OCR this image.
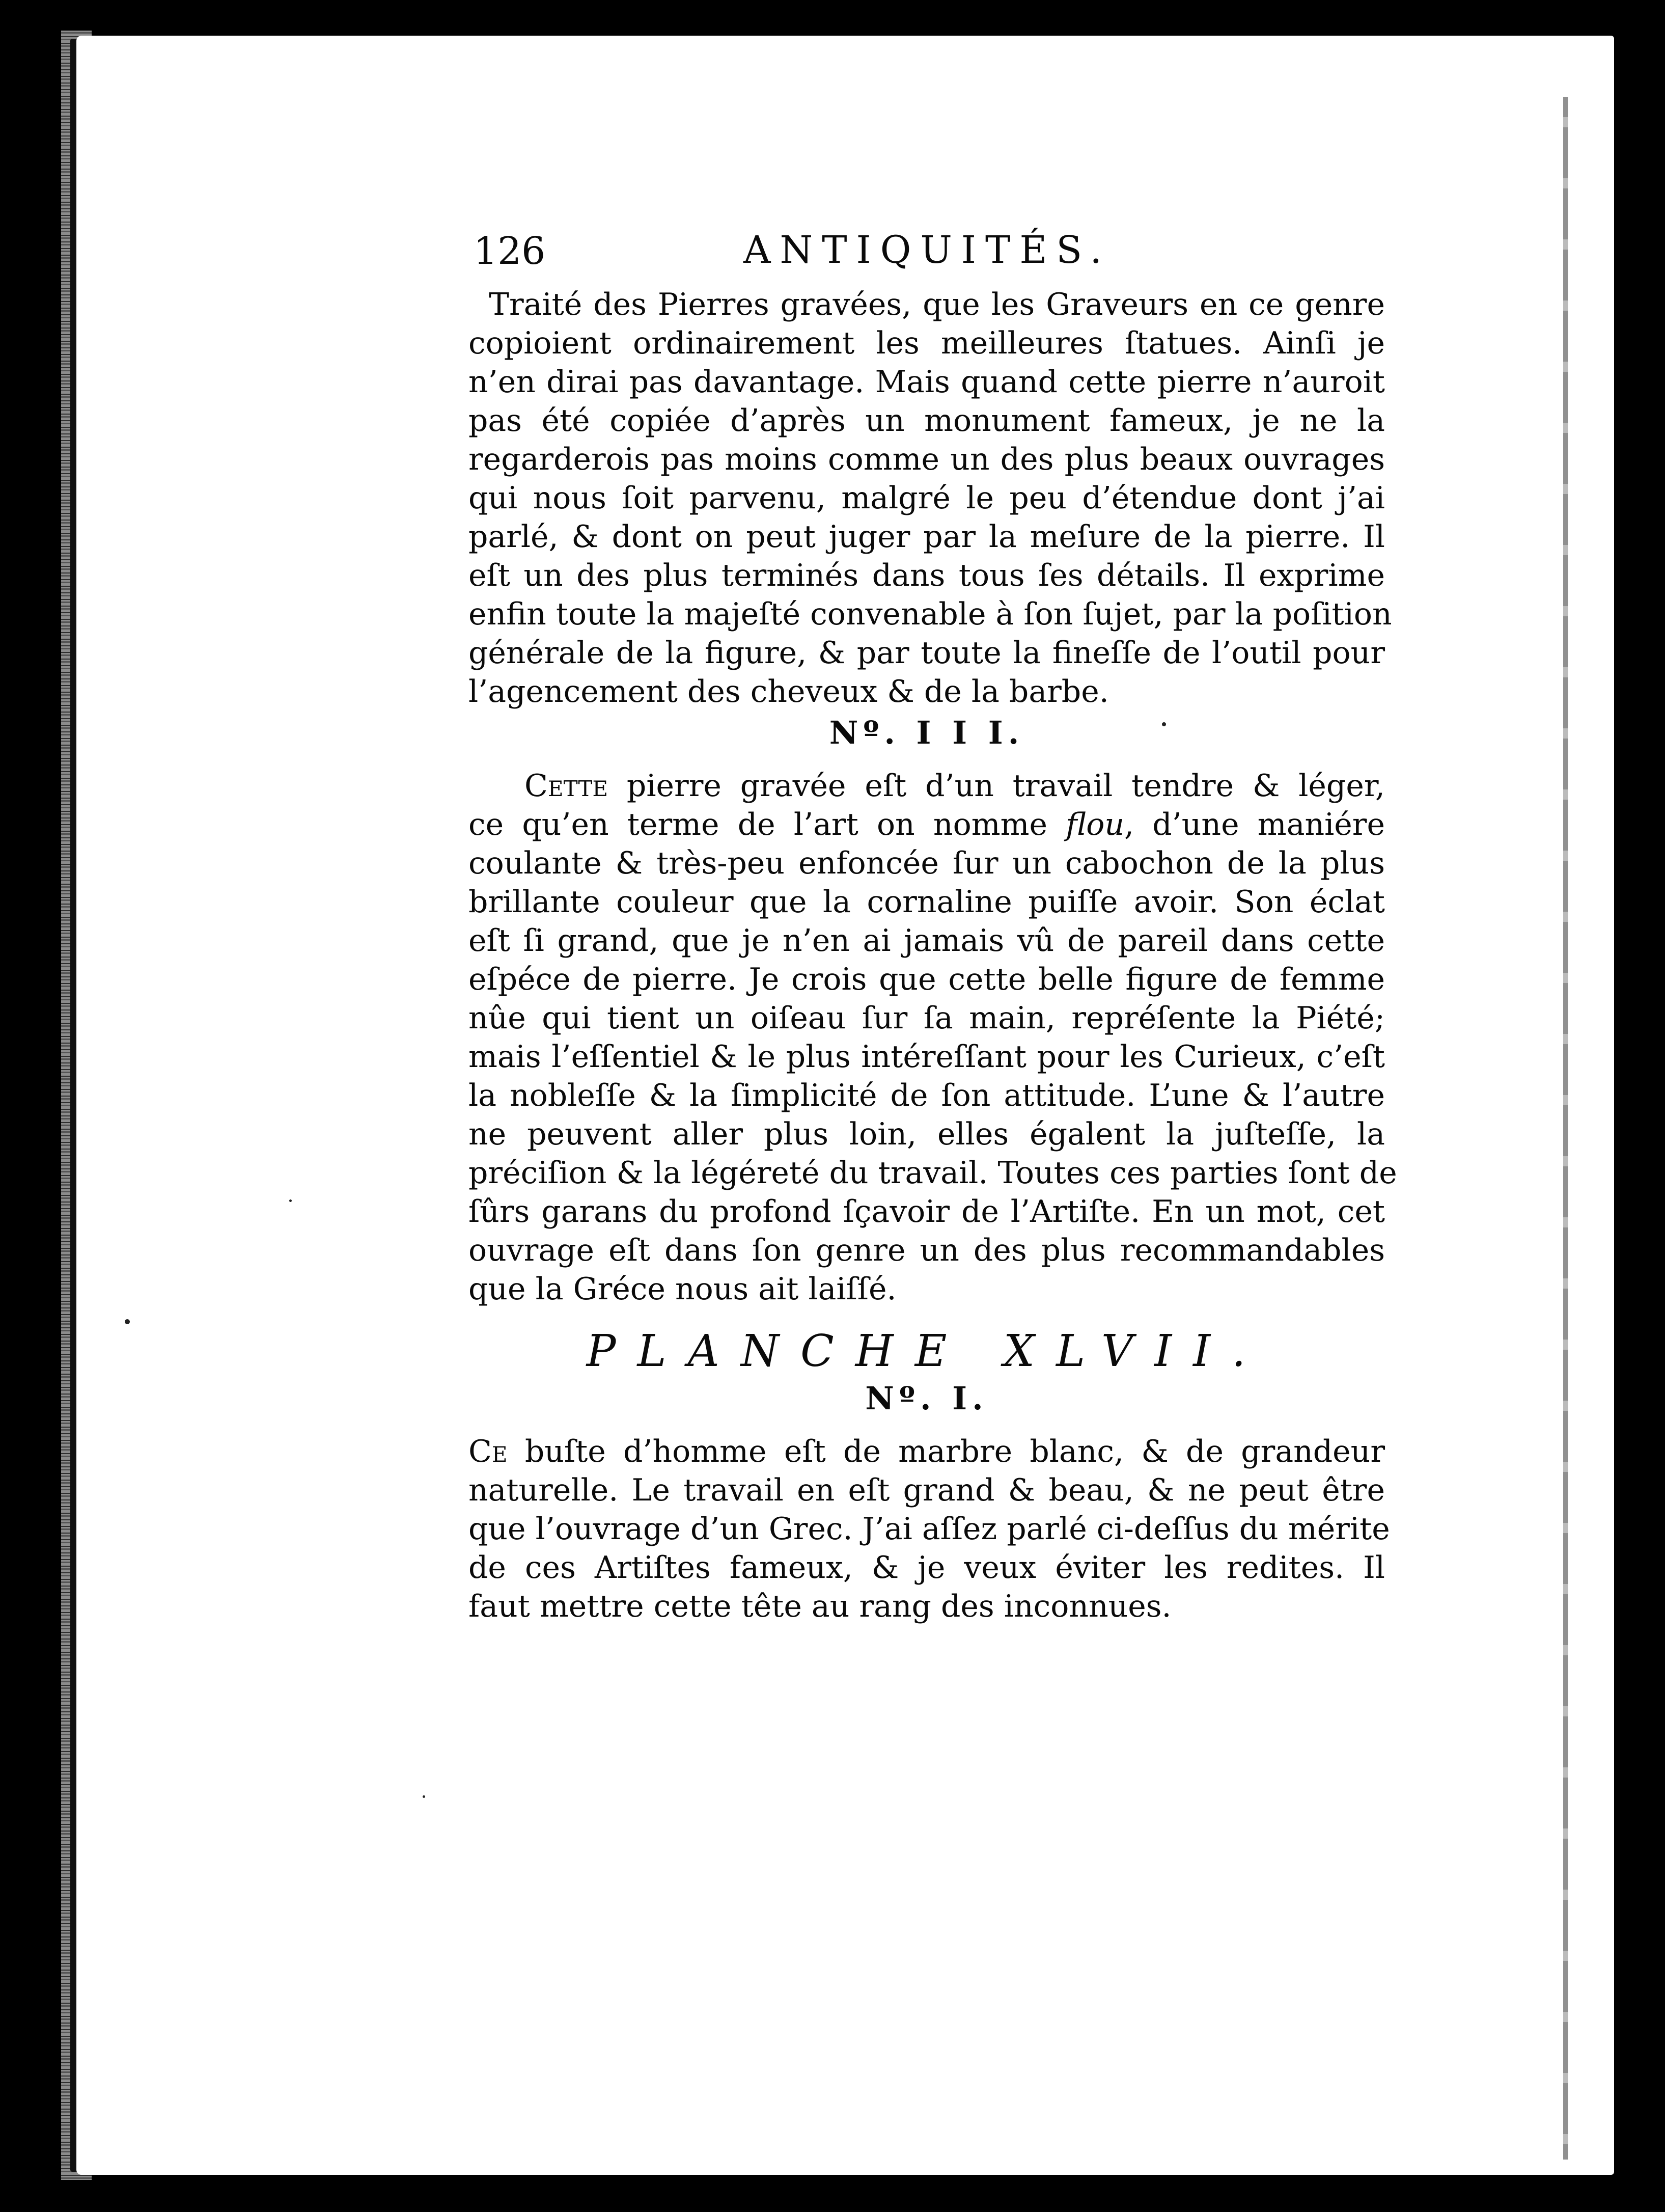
126	ANTIQUITÉS.
Traité des Pierres gravées, que les Graveurs en ce genre
copioient ordinairement les meilleures ſtatues. Ainſi je
n’en dirai pas davantage. Mais quand cette pierre n’auroit
pas été copiée d’après un monument fameux, je ne la
regarderois pas moins comme un des plus beaux ouvrages
qui nous ſoit parvenu, malgré le peu d’étendue dont j’ai
parlé, & dont on peut juger par la meſure de la pierre. Il
eſt un des plus terminés dans tous ſes détails. Il exprime
enfin toute la majeſté convenable à ſon ſujet, par la poſition
générale de la figure, & par toute la fineſſe de l’outil pour
l’agencement des cheveux & de la barbe.
Nº. I I I.
Cette pierre gravée eſt d’un travail tendre & léger,
ce qu’en terme de l’art on nomme flou, d’une maniére
coulante & très-peu enfoncée ſur un cabochon de la plus
brillante couleur que la cornaline puiſſe avoir. Son éclat
eſt ſi grand, que je n’en ai jamais vû de pareil dans cette
eſpéce de pierre. Je crois que cette belle figure de femme
nûe qui tient un oiſeau ſur ſa main, repréſente la Piété;
mais l’eſſentiel & le plus intéreſſant pour les Curieux, c’eſt
la nobleſſe & la ſimplicité de ſon attitude. L’une & l’autre
ne peuvent aller plus loin, elles égalent la juſteſſe, la
préciſion & la légéreté du travail. Toutes ces parties ſont de
ſûrs garans du profond ſçavoir de l’Artiſte. En un mot, cet
ouvrage eſt dans ſon genre un des plus recommandables
que la Gréce nous ait laiſſé.
PLANCHE XLVII.
Nº. I.
Ce buſte d’homme eſt de marbre blanc, & de grandeur
naturelle. Le travail en eſt grand & beau, & ne peut être
que l’ouvrage d’un Grec. J’ai aſſez parlé ci-deſſus du mérite
de ces Artiſtes fameux, & je veux éviter les redites. Il
faut mettre cette tête au rang des inconnues.
